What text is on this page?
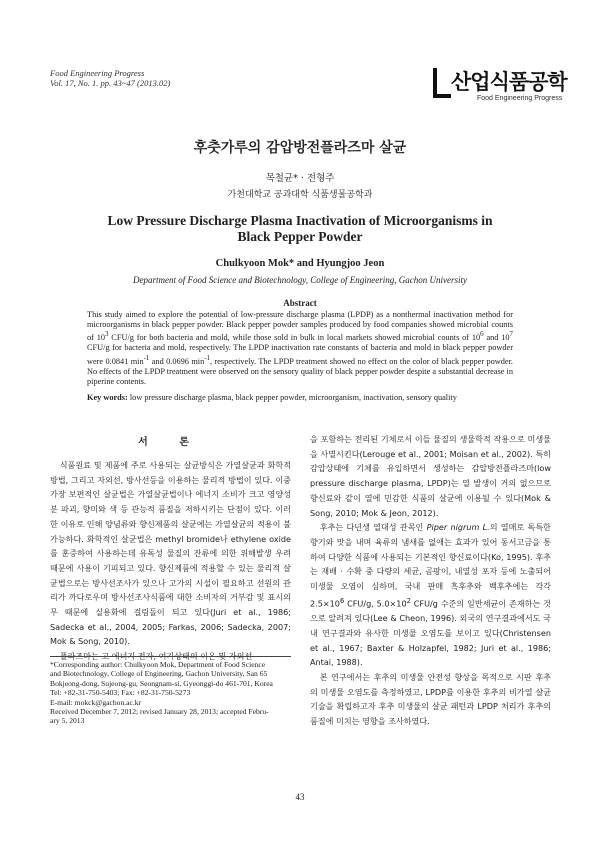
Food Engineering Progress
Vol. 17, No. 1. pp. 43~47 (2013.02)	산업식품공학
Food Engineering Progress
후춧가루의 감압방전플라즈마 살균
목철균* · 전형주
가천대학교 공과대학 식품생물공학과
Low Pressure Discharge Plasma Inactivation of Microorganisms in Black Pepper Powder
Chulkyoon Mok* and Hyungjoo Jeon
Department of Food Science and Biotechnology, College of Engineering, Gachon University
Abstract
This study aimed to explore the potential of low-pressure discharge plasma (LPDP) as a nonthermal inactivation method for microorganisms in black pepper powder. Black pepper powder samples produced by food companies showed microbial counts of $10^3$ CFU/g for both bacteria and mold, while those sold in bulk in local markets showed microbial counts of $10^6$ and $10^7$ CFU/g for bacteria and mold, respectively. The LPDP inactivation rate constants of bacteria and mold in black pepper powder were 0.0841 $\min^{-1}$ and 0.0696 $\min^{-1}$, respectively. The LPDP treatment showed no effect on the color of black pepper powder. No effects of the LPDP treatment were observed on the sensory quality of black pepper powder despite a substantial decrease in piperine contents.
Key words: low pressure discharge plasma, black pepper powder, microorganism, inactivation, sensory quality
서 론

식품원료 및 제품에 주로 사용되는 살균방식은 가열살균과 화학적 방법, 그리고 자외선, 방사선등을 이용하는 물리적 방법이 있다. 이중 가장 보편적인 살균법은 가열살균법이나 에너지 소비가 크고 영양성분 파괴, 향미와 색 등 관능적 품질을 저하시키는 단점이 있다. 이러한 이유로 인해 양념류와 향신제품의 살균에는 가열살균의 적용이 불가능하다. 화학적인 살균법은 methyl bromide나 ethylene oxide를 훈증하여 사용하는데 유독성 물질의 잔류에 의한 위해발생 우려 때문에 사용이 기피되고 있다. 향신제품에 적용할 수 있는 물리적 살균법으로는 방사선조사가 있으나 고가의 시설이 필요하고 선원의 관리가 까다로우며 방사선조사식품에 대한 소비자의 거부감 및 표시의무 때문에 실용화에 걸림돌이 되고 있다(Juri et al., 1986; Sadecka et al., 2004, 2005; Farkas, 2006; Sadecka, 2007; Mok & Song, 2010).

플라즈마는 고 에너지 전자, 여기상태의 이온 및 자외선

을 포함하는 전리된 기체로서 이들 물질의 생물학적 작용으로 미생물을 사멸시킨다(Lerouge et al., 2001; Moisan et al., 2002). 특히 감압상태에 기체를 유입하면서 생성하는 감압방전플라즈마(low pressure discharge plasma, LPDP)는 열 발생이 거의 없으므로 향신료와 같이 열에 민감한 식품의 살균에 이용될 수 있다(Mok & Song, 2010; Mok & Jeon, 2012).

후추는 다년생 열대성 관목인 Piper nigrum L.의 열매로 독특한 향기와 맛을 내며 육류의 냄새를 없애는 효과가 있어 동서고금을 통하여 다양한 식품에 사용되는 기본적인 향신료이다(Ko, 1995). 후추는 재배 · 수확 중 다량의 세균, 곰팡이, 내열성 포자 등에 노출되어 미생물 오염이 심하며, 국내 판매 흑후추와 백후추에는 각각 $2.5\times 10^6$ CFU/g, $5.0\times 10^2$ CFU/g 수준의 일반세균이 존재하는 것으로 알려져 있다(Lee & Cheon, 1996). 외국의 연구결과에서도 국내 연구결과와 유사한 미생물 오염도를 보이고 있다(Christensen et al., 1967; Baxter & Holzapfel, 1982; Juri et al., 1986; Antai, 1988).

본 연구에서는 후추의 미생물 안전성 향상을 목적으로 시판 후추의 미생물 오염도를 측정하였고, LPDP를 이용한 후추의 비가열 살균기술을 확립하고자 후추 미생물의 살균 패턴과 LPDP 처리가 후추의 품질에 미치는 영향을 조사하였다.

*Corresponding author: Chulkyoon Mok, Department of Food Science
and Biotechnology, College of Engineering, Gachon University, San 65
Bokjeong-dong, Sujeong-gu, Seongnam-si, Gyeonggi-do 461-701, Korea
Tel: +82-31-750-5403; Fax: +82-31-750-5273
E-mail: mokck@gachon.ac.kr
Received December 7, 2012; revised January 28, 2013; accepted Febru-
ary 5, 2013
43
